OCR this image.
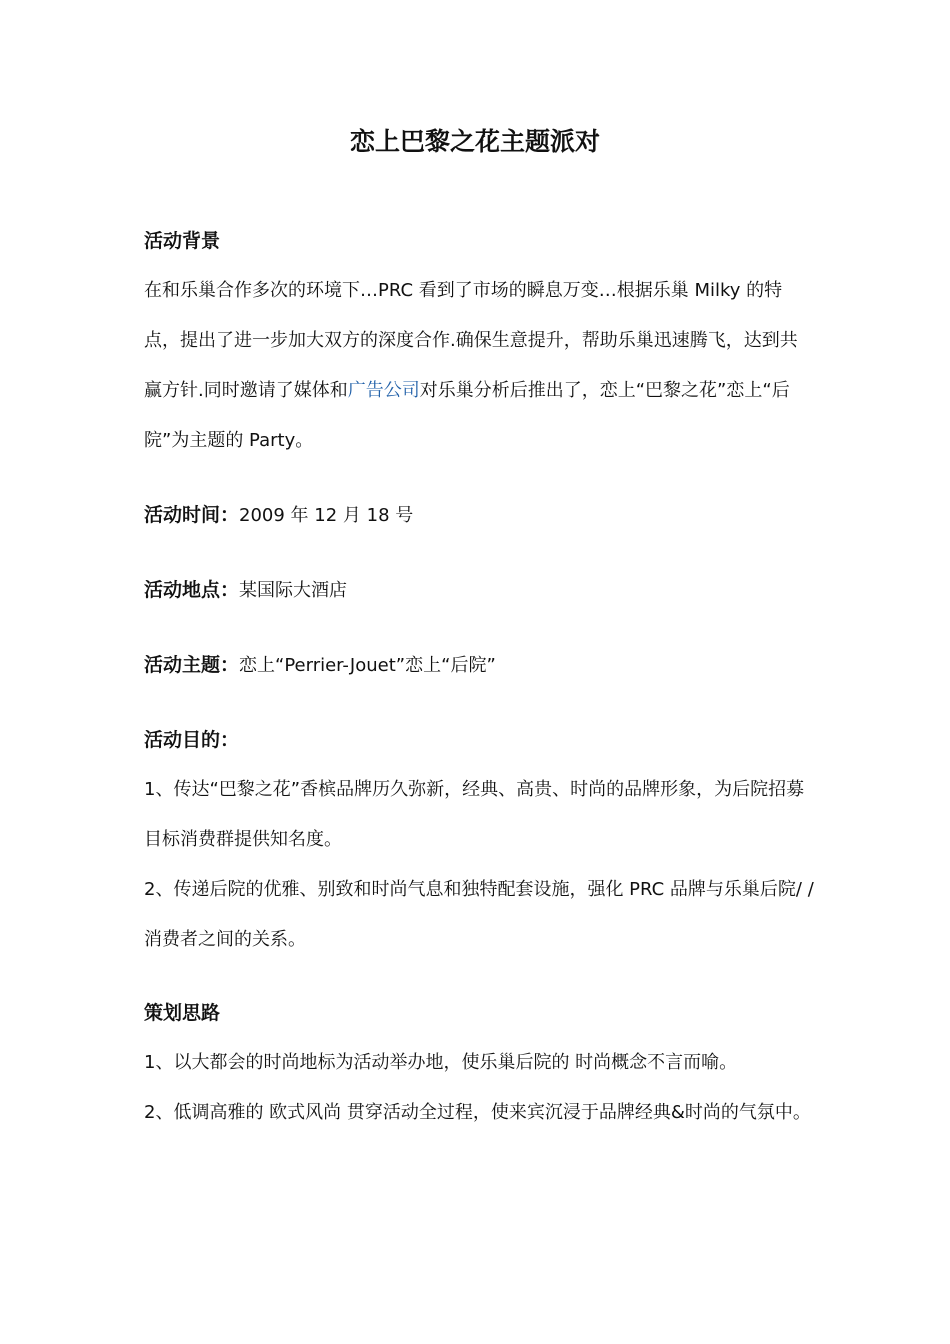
恋上巴黎之花主题派对
活动背景
在和乐巢合作多次的环境下…PRC 看到了市场的瞬息万变…根据乐巢 Milky 的特点，提出了进一步加大双方的深度合作.确保生意提升，帮助乐巢迅速腾飞，达到共赢方针.同时邀请了媒体和广告公司对乐巢分析后推出了，恋上“巴黎之花”恋上“后院”为主题的 Party。
活动时间：2009 年 12 月 18 号
活动地点：某国际大酒店
活动主题：恋上“Perrier-Jouet”恋上“后院”
活动目的：
1、传达“巴黎之花”香槟品牌历久弥新，经典、高贵、时尚的品牌形象，为后院招募目标消费群提供知名度。
2、传递后院的优雅、别致和时尚气息和独特配套设施，强化 PRC 品牌与乐巢后院/ / 消费者之间的关系。
策划思路
1、以大都会的时尚地标为活动举办地，使乐巢后院的 时尚概念不言而喻。
2、低调高雅的 欧式风尚 贯穿活动全过程，使来宾沉浸于品牌经典&时尚的气氛中。
